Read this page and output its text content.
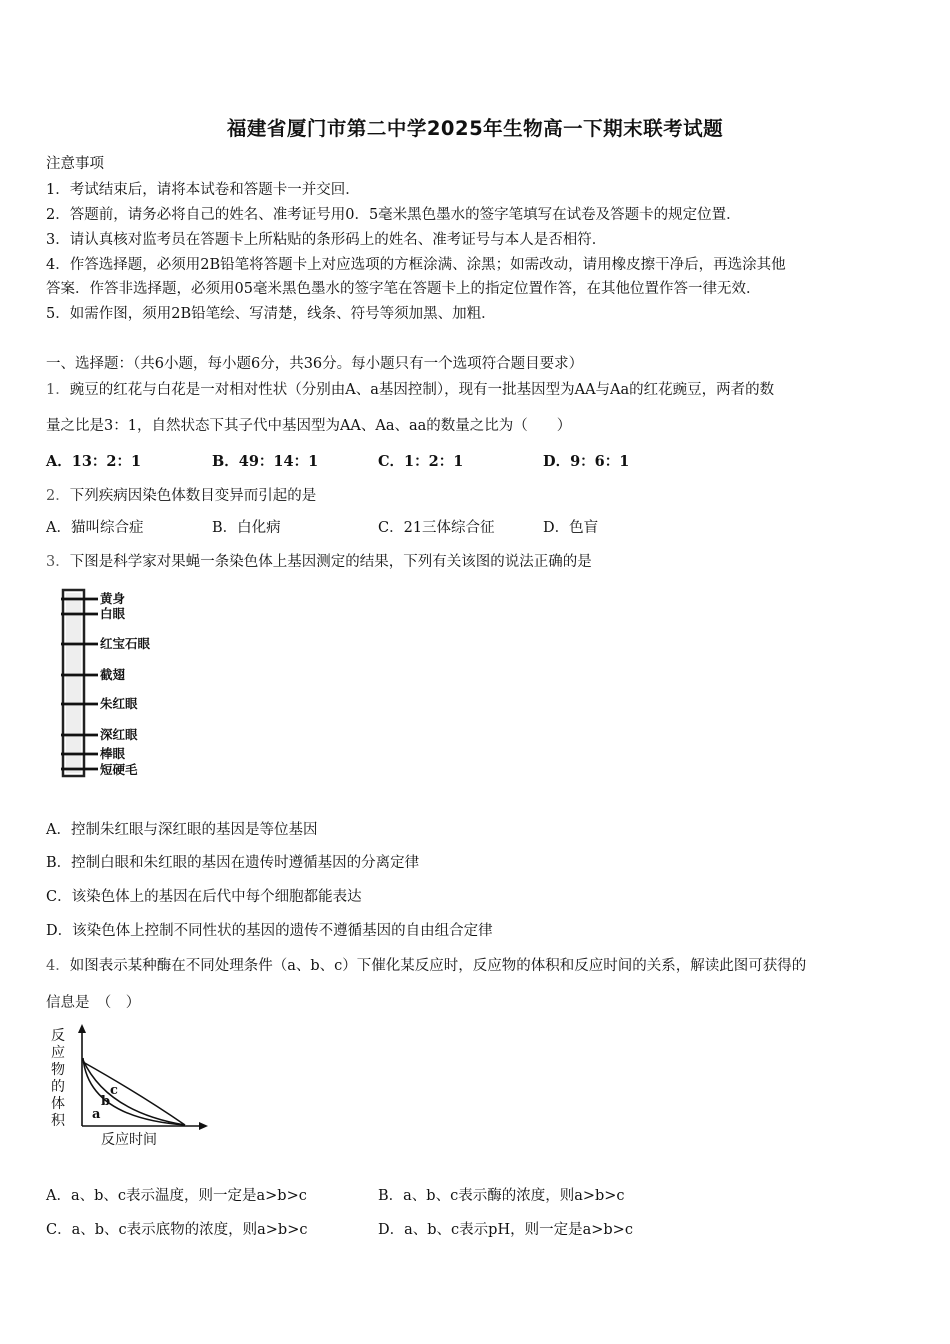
福建省厦门市第二中学2025年生物高一下期末联考试题
注意事项
1．考试结束后，请将本试卷和答题卡一并交回．
2．答题前，请务必将自己的姓名、准考证号用0．5毫米黑色墨水的签字笔填写在试卷及答题卡的规定位置．
3．请认真核对监考员在答题卡上所粘贴的条形码上的姓名、准考证号与本人是否相符．
4．作答选择题，必须用2B铅笔将答题卡上对应选项的方框涂满、涂黑；如需改动，请用橡皮擦干净后，再选涂其他
答案．作答非选择题，必须用05毫米黑色墨水的签字笔在答题卡上的指定位置作答，在其他位置作答一律无效．
5．如需作图，须用2B铅笔绘、写清楚，线条、符号等须加黑、加粗．
一、选择题：（共6小题，每小题6分，共36分。每小题只有一个选项符合题目要求）
1．豌豆的红花与白花是一对相对性状（分别由A、a基因控制），现有一批基因型为AA与Aa的红花豌豆，两者的数
量之比是3：1，自然状态下其子代中基因型为AA、Aa、aa的数量之比为（　　）
A．13：2：1	B．49：14：1	C．1：2：1	D．9：6：1
2．下列疾病因染色体数目变异而引起的是
A．猫叫综合症	B．白化病	C．21三体综合征	D．色盲
3．下图是科学家对果蝇一条染色体上基因测定的结果，下列有关该图的说法正确的是
黄身
白眼
红宝石眼
截翅
朱红眼
深红眼
棒眼
短硬毛
A．控制朱红眼与深红眼的基因是等位基因
B．控制白眼和朱红眼的基因在遗传时遵循基因的分离定律
C．该染色体上的基因在后代中每个细胞都能表达
D．该染色体上控制不同性状的基因的遗传不遵循基因的自由组合定律
4．如图表示某种酶在不同处理条件（a、b、c）下催化某反应时，反应物的体积和反应时间的关系，解读此图可获得的
信息是　（　）
反
应
物
的
体
积 a
b
c
反应时间
A．a、b、c表示温度，则一定是a>b>c	B．a、b、c表示酶的浓度，则a>b>c
C．a、b、c表示底物的浓度，则a>b>c	D．a、b、c表示pH，则一定是a>b>c
